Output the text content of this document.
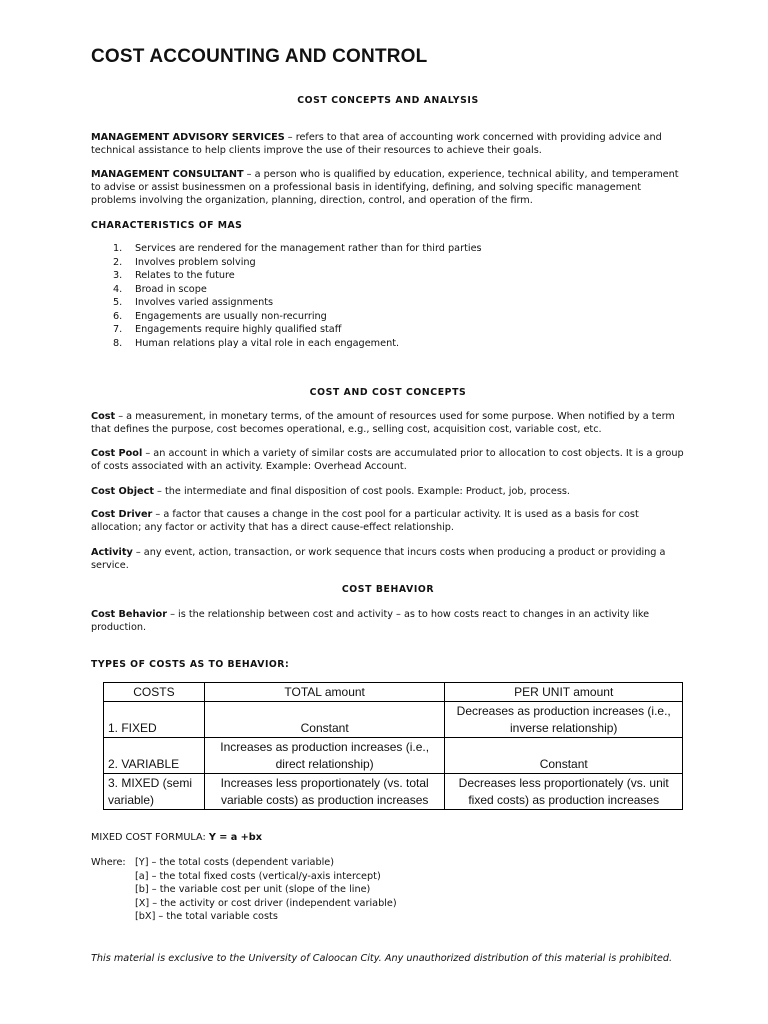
COST ACCOUNTING AND CONTROL
COST CONCEPTS AND ANALYSIS
MANAGEMENT ADVISORY SERVICES – refers to that area of accounting work concerned with providing advice and technical assistance to help clients improve the use of their resources to achieve their goals.
MANAGEMENT CONSULTANT – a person who is qualified by education, experience, technical ability, and temperament to advise or assist businessmen on a professional basis in identifying, defining, and solving specific management problems involving the organization, planning, direction, control, and operation of the firm.
CHARACTERISTICS OF MAS
1. Services are rendered for the management rather than for third parties
2. Involves problem solving
3. Relates to the future
4. Broad in scope
5. Involves varied assignments
6. Engagements are usually non-recurring
7. Engagements require highly qualified staff
8. Human relations play a vital role in each engagement.
COST AND COST CONCEPTS
Cost – a measurement, in monetary terms, of the amount of resources used for some purpose. When notified by a term that defines the purpose, cost becomes operational, e.g., selling cost, acquisition cost, variable cost, etc.
Cost Pool – an account in which a variety of similar costs are accumulated prior to allocation to cost objects. It is a group of costs associated with an activity. Example: Overhead Account.
Cost Object – the intermediate and final disposition of cost pools. Example: Product, job, process.
Cost Driver – a factor that causes a change in the cost pool for a particular activity. It is used as a basis for cost allocation; any factor or activity that has a direct cause-effect relationship.
Activity – any event, action, transaction, or work sequence that incurs costs when producing a product or providing a service.
COST BEHAVIOR
Cost Behavior – is the relationship between cost and activity – as to how costs react to changes in an activity like production.
TYPES OF COSTS AS TO BEHAVIOR:
COSTS	TOTAL amount	PER UNIT amount
1. FIXED	Constant	Decreases as production increases (i.e., inverse relationship)
2. VARIABLE	Increases as production increases (i.e., direct relationship)	Constant
3. MIXED (semi variable)	Increases less proportionately (vs. total variable costs) as production increases	Decreases less proportionately (vs. unit fixed costs) as production increases
MIXED COST FORMULA: Y = a +bx
Where: [Y] – the total costs (dependent variable)
[a] – the total fixed costs (vertical/y-axis intercept)
[b] – the variable cost per unit (slope of the line)
[X] – the activity or cost driver (independent variable)
[bX] – the total variable costs
This material is exclusive to the University of Caloocan City. Any unauthorized distribution of this material is prohibited.
